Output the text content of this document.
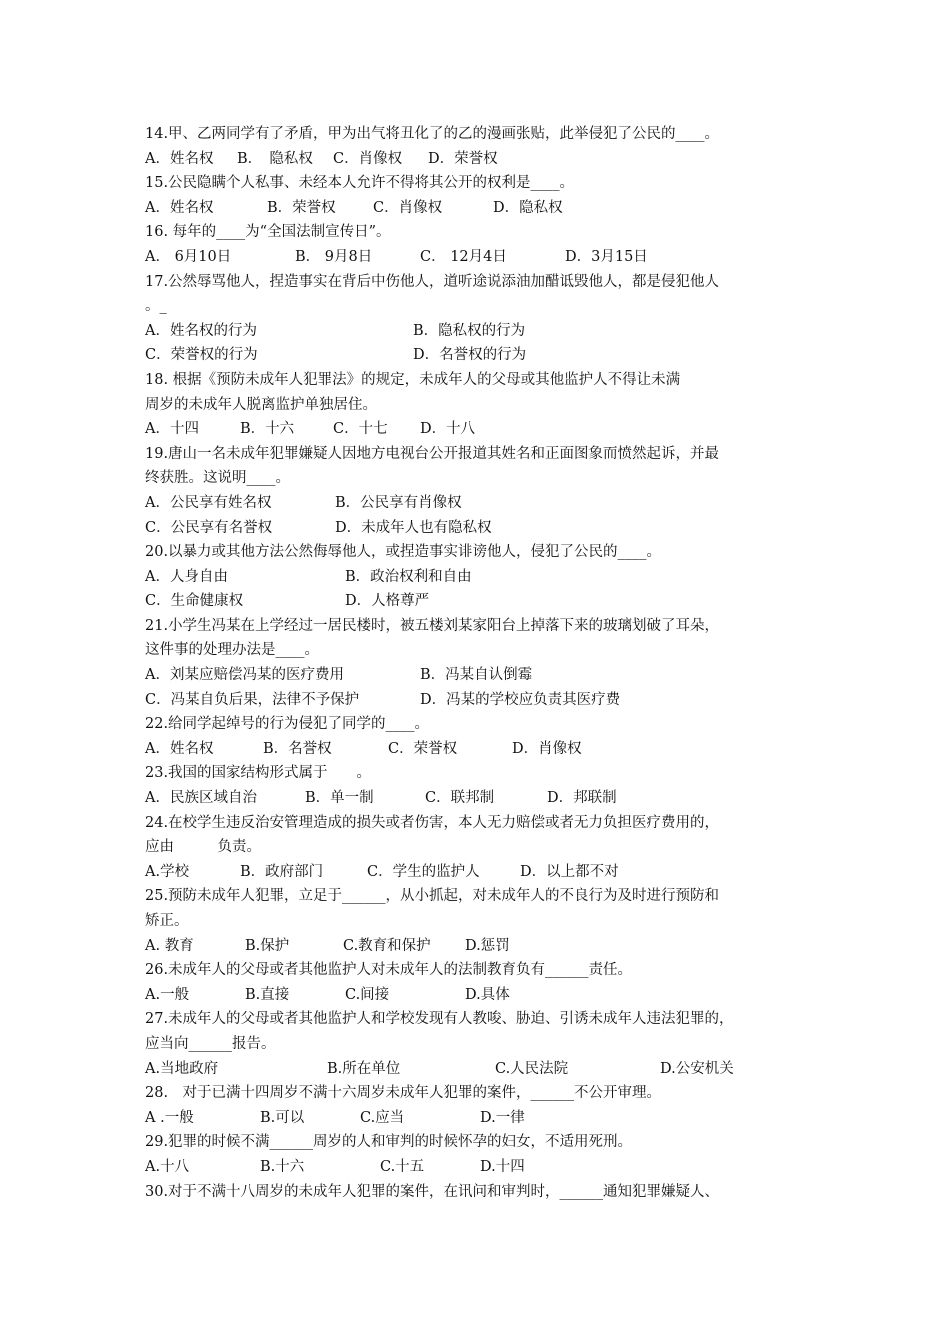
14.甲、乙两同学有了矛盾，甲为出气将丑化了的乙的漫画张贴，此举侵犯了公民的____。
A．姓名权 B．　隐私权 C．肖像权 D．荣誉权
15.公民隐瞒个人私事、未经本人允许不得将其公开的权利是____。
A．姓名权	B．荣誉权	C．肖像权	D．隐私权
16. 每年的____为“全国法制宣传日”。
A． 6月10日	B． 9月8日	C． 12月4日	D．3月15日
17.公然辱骂他人，捏造事实在背后中伤他人，道听途说添油加醋诋毁他人，都是侵犯他人
。_
A．姓名权的行为	B．隐私权的行为
C．荣誉权的行为	D．名誉权的行为
18. 根据《预防未成年人犯罪法》的规定，未成年人的父母或其他监护人不得让未满
周岁的未成年人脱离监护单独居住。
A．十四	B．十六	C．十七 D．十八
19.唐山一名未成年犯罪嫌疑人因地方电视台公开报道其姓名和正面图象而愤然起诉，并最
终获胜。这说明____。
A．公民享有姓名权	B．公民享有肖像权
C．公民享有名誉权	D．未成年人也有隐私权
20.以暴力或其他方法公然侮辱他人，或捏造事实诽谤他人，侵犯了公民的____。
A．人身自由	B．政治权利和自由
C．生命健康权	D．人格尊严
21.小学生冯某在上学经过一居民楼时，被五楼刘某家阳台上掉落下来的玻璃划破了耳朵，
这件事的处理办法是____。
A．刘某应赔偿冯某的医疗费用	B．冯某自认倒霉
C．冯某自负后果，法律不予保护	D．冯某的学校应负责其医疗费
22.给同学起绰号的行为侵犯了同学的____。
A．姓名权	B．名誉权	C．荣誉权	D．肖像权
23.我国的国家结构形式属于　　。
A．民族区域自治	B．单一制	C．联邦制	D．邦联制
24.在校学生违反治安管理造成的损失或者伤害，本人无力赔偿或者无力负担医疗费用的，
应由　　　负责。
A.学校	B．政府部门	C．学生的监护人	D．以上都不对
25.预防未成年人犯罪，立足于______，从小抓起，对未成年人的不良行为及时进行预防和
矫正。
A. 教育	B.保护	C.教育和保护 D.惩罚
26.未成年人的父母或者其他监护人对未成年人的法制教育负有______责任。
A.一般	B.直接	C.间接	D.具体
27.未成年人的父母或者其他监护人和学校发现有人教唆、胁迫、引诱未成年人违法犯罪的，
应当向______报告。
A.当地政府	B.所在单位	C.人民法院	D.公安机关
28.　对于已满十四周岁不满十六周岁未成年人犯罪的案件，______不公开审理。
A .一般	B.可以	C.应当	D.一律
29.犯罪的时候不满______周岁的人和审判的时候怀孕的妇女，不适用死刑。
A.十八	B.十六	C.十五	D.十四
30.对于不满十八周岁的未成年人犯罪的案件，在讯问和审判时，______通知犯罪嫌疑人、
